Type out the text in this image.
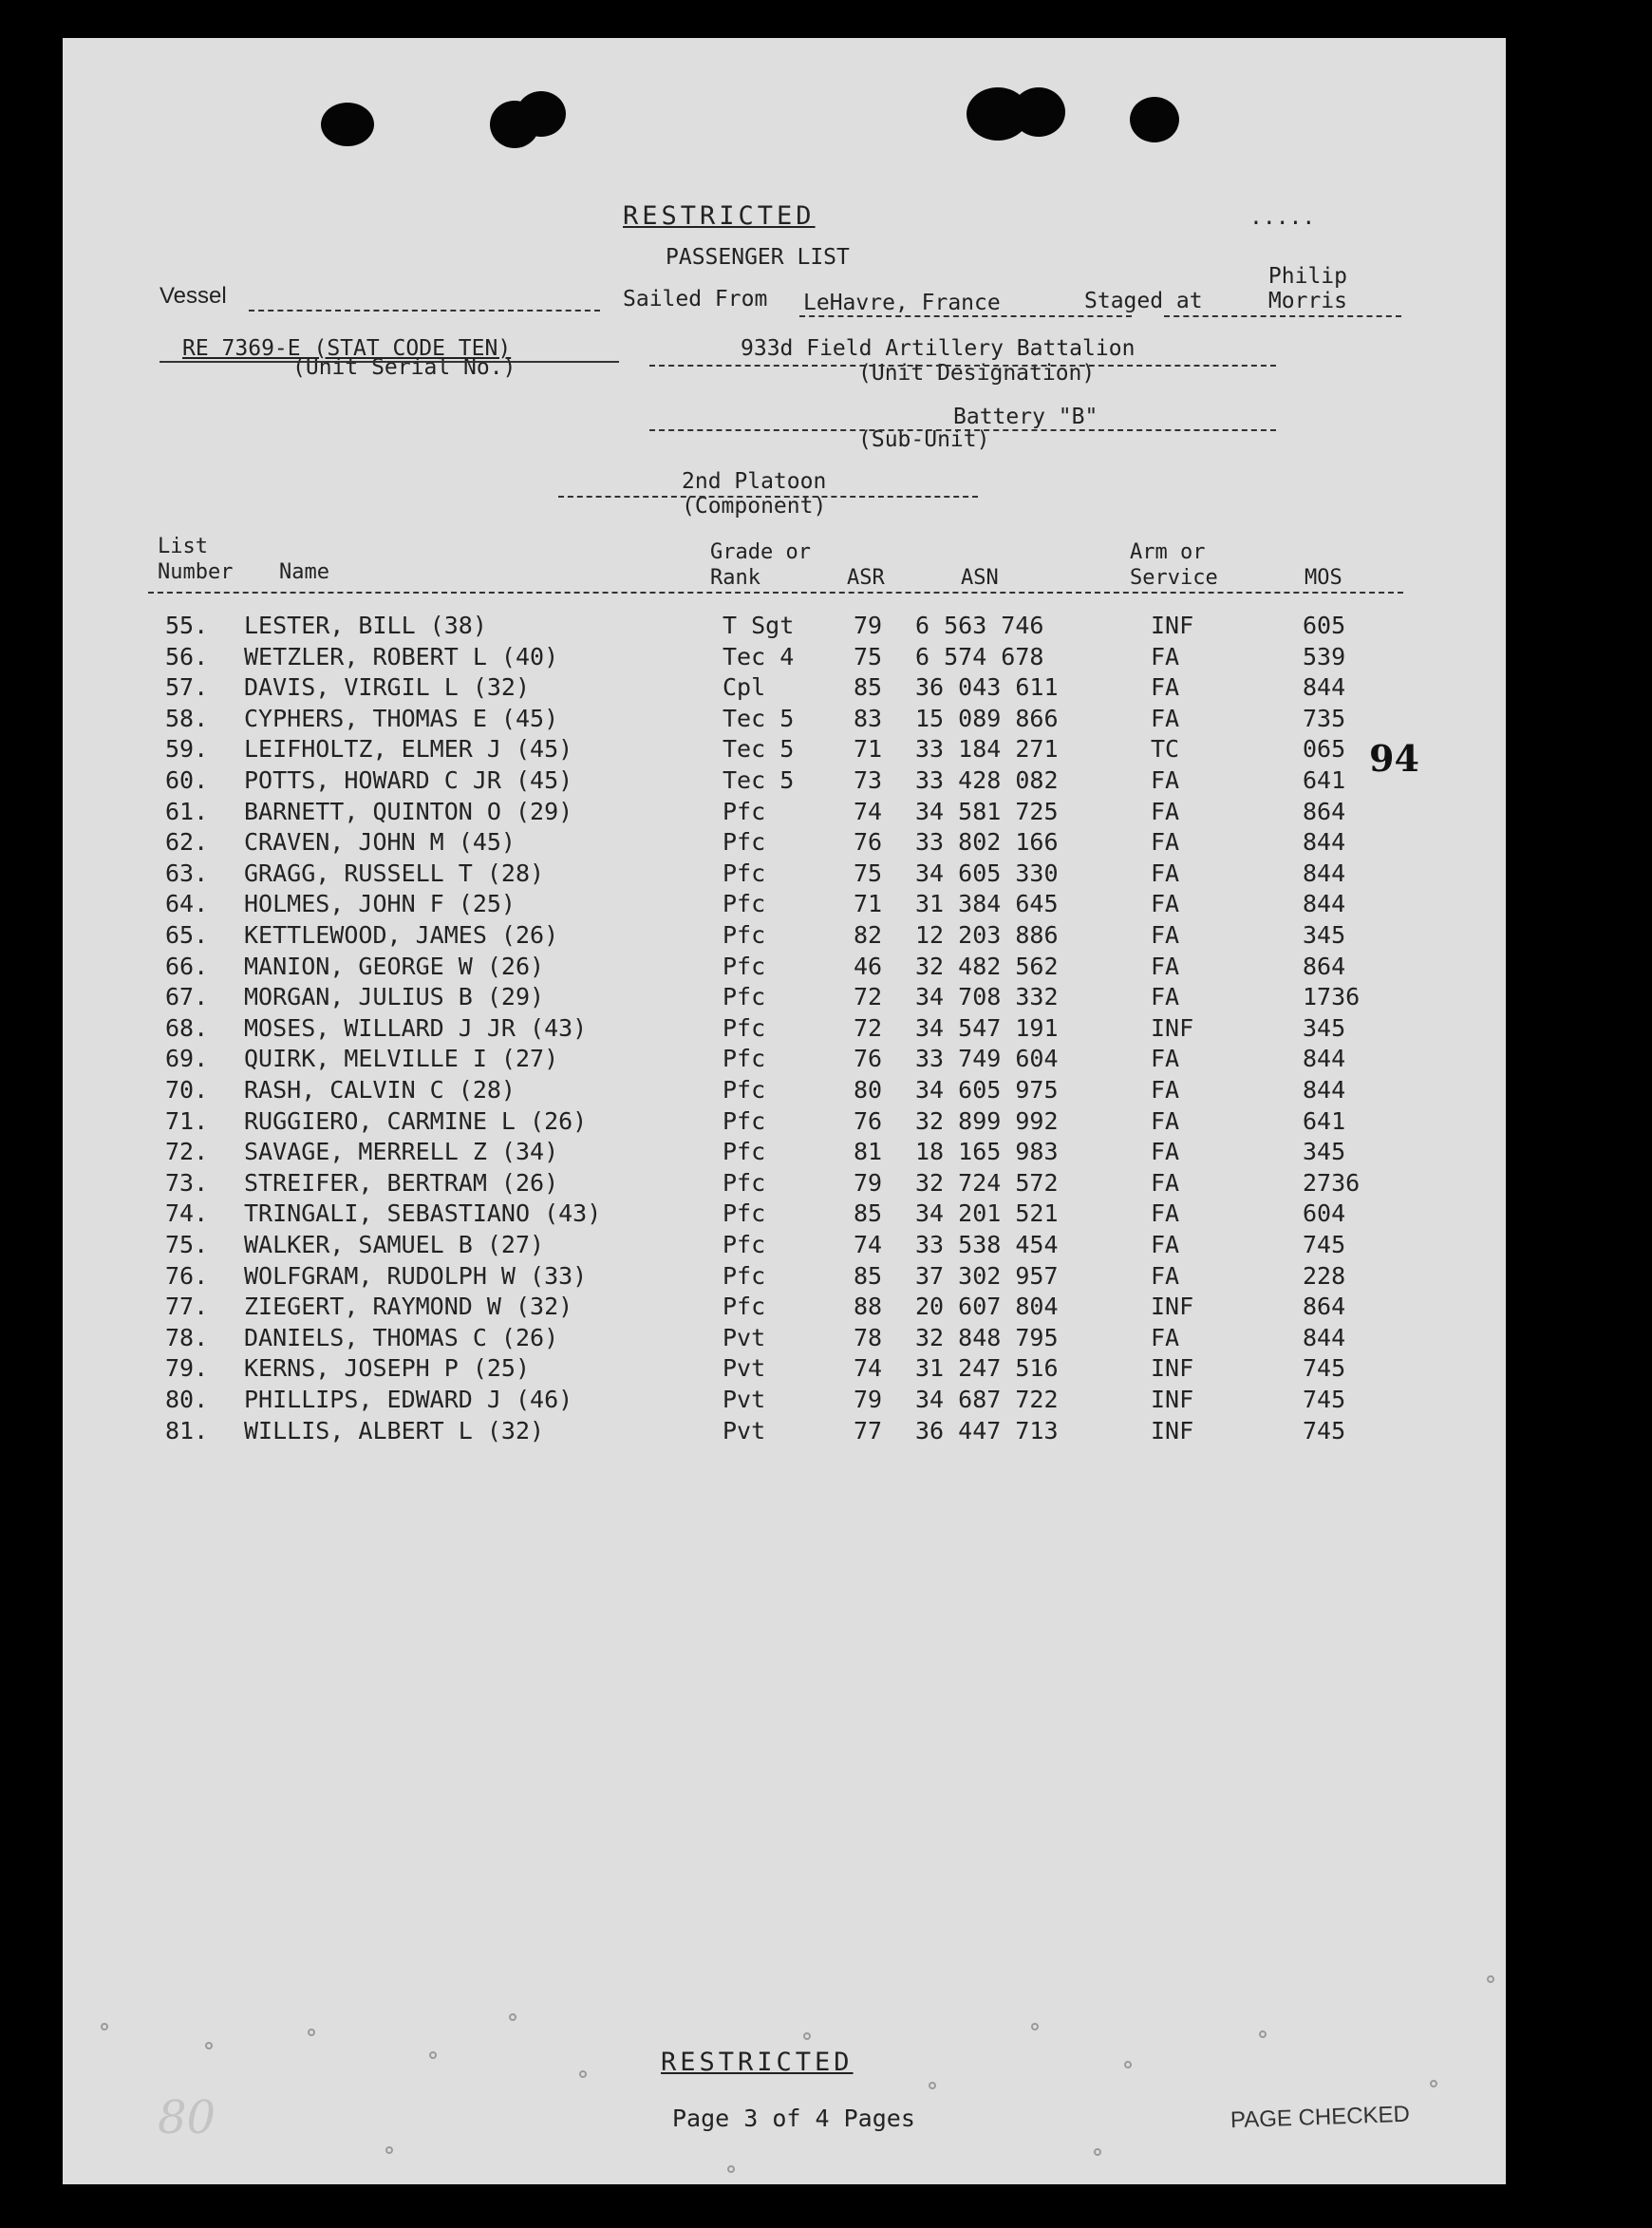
RESTRICTED	.....
PASSENGER LIST
Vessel	Sailed From LeHavre, France	Staged at
Philip Morris
RE 7369-E (STAT CODE TEN)
(Unit Serial No.)
933d Field Artillery Battalion
(Unit Designation)
Battery "B"
(Sub-Unit)
2nd Platoon
(Component)
List
Number Name
Grade or
Rank	ASR	ASN
Arm or
Service	MOS
55. LESTER, BILL (38)	T Sgt	79 6 563 746	INF	605
56. WETZLER, ROBERT L (40)	Tec 4	75 6 574 678	FA	539
57. DAVIS, VIRGIL L (32)	Cpl	85 36 043 611	FA	844
58. CYPHERS, THOMAS E (45)	Tec 5	83 15 089 866	FA	735
59. LEIFHOLTZ, ELMER J (45)	Tec 5	71 33 184 271	TC	065
60. POTTS, HOWARD C JR (45)	Tec 5	73 33 428 082	FA	641
61. BARNETT, QUINTON O (29)	Pfc	74 34 581 725	FA	864
62. CRAVEN, JOHN M (45)	Pfc	76 33 802 166	FA	844
63. GRAGG, RUSSELL T (28)	Pfc	75 34 605 330	FA	844
64. HOLMES, JOHN F (25)	Pfc	71 31 384 645	FA	844
65. KETTLEWOOD, JAMES (26)	Pfc	82 12 203 886	FA	345
66. MANION, GEORGE W (26)	Pfc	46 32 482 562	FA	864
67. MORGAN, JULIUS B (29)	Pfc	72 34 708 332	FA	1736
68. MOSES, WILLARD J JR (43)	Pfc	72 34 547 191	INF	345
69. QUIRK, MELVILLE I (27)	Pfc	76 33 749 604	FA	844
70. RASH, CALVIN C (28)	Pfc	80 34 605 975	FA	844
71. RUGGIERO, CARMINE L (26)	Pfc	76 32 899 992	FA	641
72. SAVAGE, MERRELL Z (34)	Pfc	81 18 165 983	FA	345
73. STREIFER, BERTRAM (26)	Pfc	79 32 724 572	FA	2736
74. TRINGALI, SEBASTIANO (43)	Pfc	85 34 201 521	FA	604
75. WALKER, SAMUEL B (27)	Pfc	74 33 538 454	FA	745
76. WOLFGRAM, RUDOLPH W (33)	Pfc	85 37 302 957	FA	228
77. ZIEGERT, RAYMOND W (32)	Pfc	88 20 607 804	INF	864
78. DANIELS, THOMAS C (26)	Pvt	78 32 848 795	FA	844
79. KERNS, JOSEPH P (25)	Pvt	74 31 247 516	INF	745
80. PHILLIPS, EDWARD J (46)	Pvt	79 34 687 722	INF	745
81. WILLIS, ALBERT L (32)	Pvt	77 36 447 713	INF	745
94
80	PAGE CHECKED
RESTRICTED
Page 3 of 4 Pages
